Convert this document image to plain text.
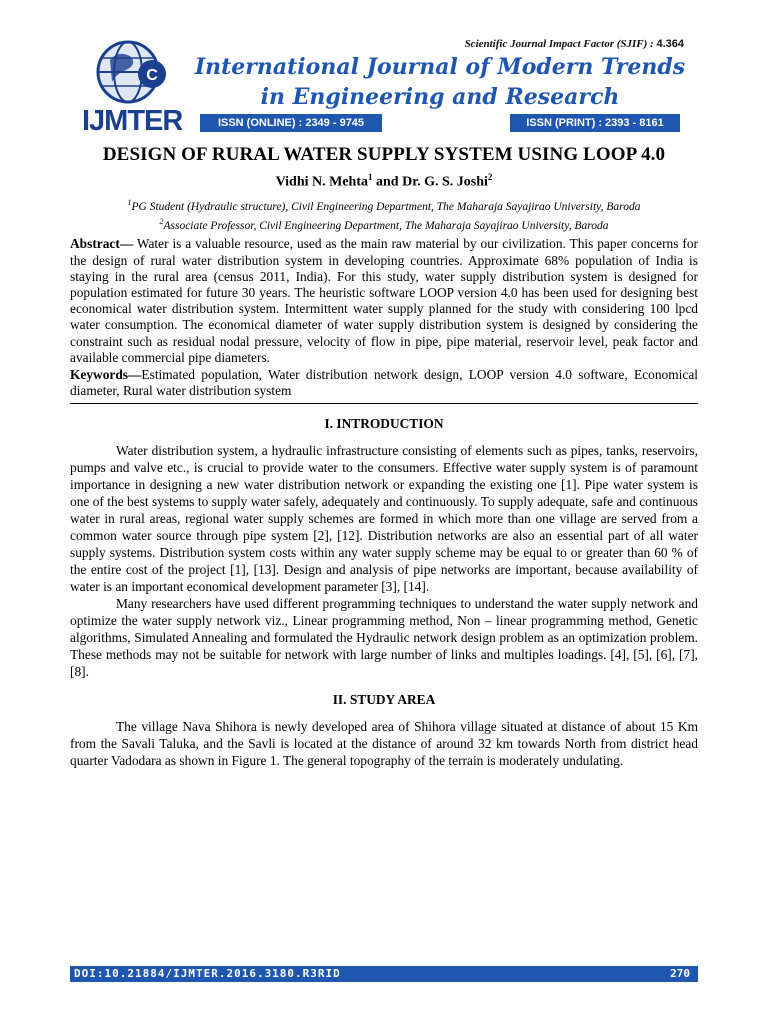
Scientific Journal Impact Factor (SJIF) : 4.364
C
IJMTER
International Journal of Modern Trends in Engineering and Research
ISSN (ONLINE) : 2349 - 9745	ISSN (PRINT) : 2393 - 8161
DESIGN OF RURAL WATER SUPPLY SYSTEM USING LOOP 4.0
Vidhi N. Mehta$^1$ and Dr. G. S. Joshi$^2$
$^1$PG Student (Hydraulic structure), Civil Engineering Department, The Maharaja Sayajirao University, Baroda
$^2$Associate Professor, Civil Engineering Department, The Maharaja Sayajirao University, Baroda
Abstract— Water is a valuable resource, used as the main raw material by our civilization. This paper concerns for the design of rural water distribution system in developing countries. Approximate 68% population of India is staying in the rural area (census 2011, India). For this study, water supply distribution system is designed for population estimated for future 30 years. The heuristic software LOOP version 4.0 has been used for designing best economical water distribution system. Intermittent water supply planned for the study with considering 100 lpcd water consumption. The economical diameter of water supply distribution system is designed by considering the constraint such as residual nodal pressure, velocity of flow in pipe, pipe material, reservoir level, peak factor and available commercial pipe diameters.
Keywords—Estimated population, Water distribution network design, LOOP version 4.0 software, Economical diameter, Rural water distribution system
I. INTRODUCTION

Water distribution system, a hydraulic infrastructure consisting of elements such as pipes, tanks, reservoirs, pumps and valve etc., is crucial to provide water to the consumers. Effective water supply system is of paramount importance in designing a new water distribution network or expanding the existing one [1]. Pipe water system is one of the best systems to supply water safely, adequately and continuously. To supply adequate, safe and continuous water in rural areas, regional water supply schemes are formed in which more than one village are served from a common water source through pipe system [2], [12]. Distribution networks are also an essential part of all water supply systems. Distribution system costs within any water supply scheme may be equal to or greater than 60 % of the entire cost of the project [1], [13]. Design and analysis of pipe networks are important, because availability of water is an important economical development parameter [3], [14].

Many researchers have used different programming techniques to understand the water supply network and optimize the water supply network viz., Linear programming method, Non – linear programming method, Genetic algorithms, Simulated Annealing and formulated the Hydraulic network design problem as an optimization problem. These methods may not be suitable for network with large number of links and multiples loadings. [4], [5], [6], [7], [8].

II. STUDY AREA

The village Nava Shihora is newly developed area of Shihora village situated at distance of about 15 Km from the Savali Taluka, and the Savli is located at the distance of around 32 km towards North from district head quarter Vadodara as shown in Figure 1. The general topography of the terrain is moderately undulating.

DOI:10.21884/IJMTER.2016.3180.R3RID	270
